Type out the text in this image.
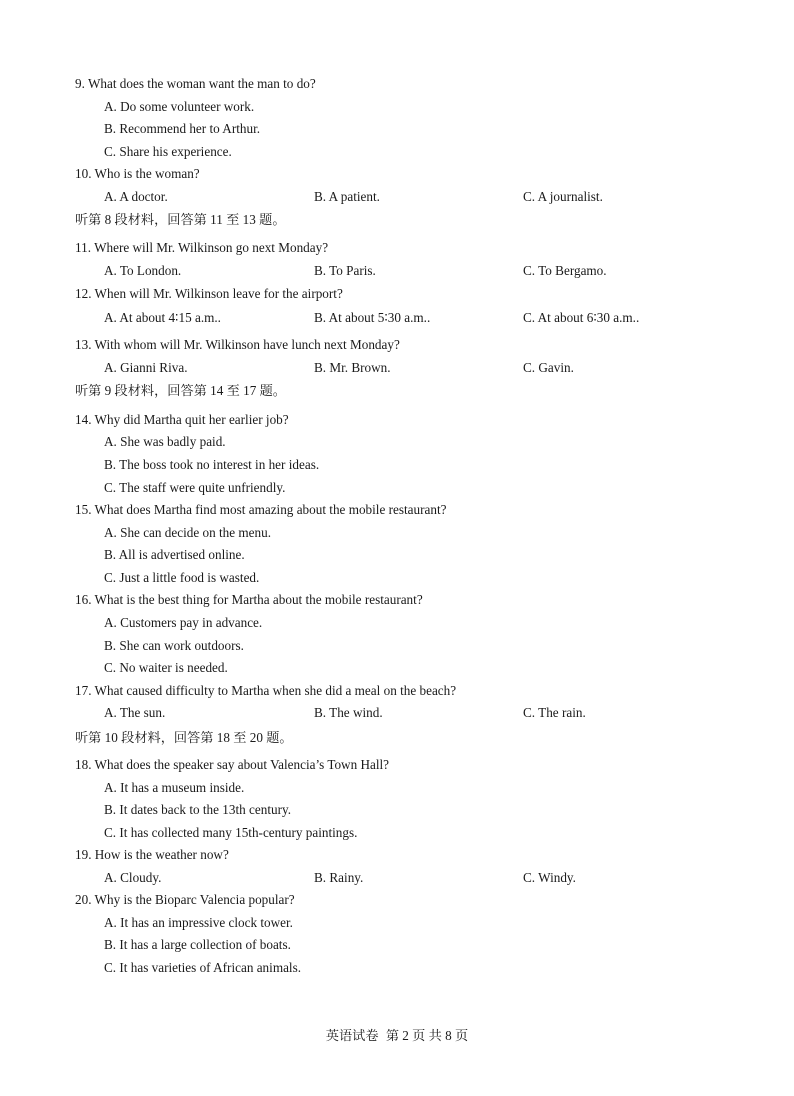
9. What does the woman want the man to do?
A. Do some volunteer work.
B. Recommend her to Arthur.
C. Share his experience.
10. Who is the woman?
A. A doctor.	B. A patient.	C. A journalist.
听第 8 段材料，回答第 11 至 13 题。
11. Where will Mr. Wilkinson go next Monday?
A. To London.	B. To Paris.	C. To Bergamo.
12. When will Mr. Wilkinson leave for the airport?
A. At about 4∶15 a.m..	B. At about 5∶30 a.m..	C. At about 6∶30 a.m..
13. With whom will Mr. Wilkinson have lunch next Monday?
A. Gianni Riva.	B. Mr. Brown.	C. Gavin.
听第 9 段材料，回答第 14 至 17 题。
14. Why did Martha quit her earlier job?
A. She was badly paid.
B. The boss took no interest in her ideas.
C. The staff were quite unfriendly.
15. What does Martha find most amazing about the mobile restaurant?
A. She can decide on the menu.
B. All is advertised online.
C. Just a little food is wasted.
16. What is the best thing for Martha about the mobile restaurant?
A. Customers pay in advance.
B. She can work outdoors.
C. No waiter is needed.
17. What caused difficulty to Martha when she did a meal on the beach?
A. The sun.	B. The wind.	C. The rain.
听第 10 段材料，回答第 18 至 20 题。
18. What does the speaker say about Valencia’s Town Hall?
A. It has a museum inside.
B. It dates back to the 13th century.
C. It has collected many 15th-century paintings.
19. How is the weather now?
A. Cloudy.	B. Rainy.	C. Windy.
20. Why is the Bioparc Valencia popular?
A. It has an impressive clock tower.
B. It has a large collection of boats.
C. It has varieties of African animals.
英语试卷 第 2 页 共 8 页
